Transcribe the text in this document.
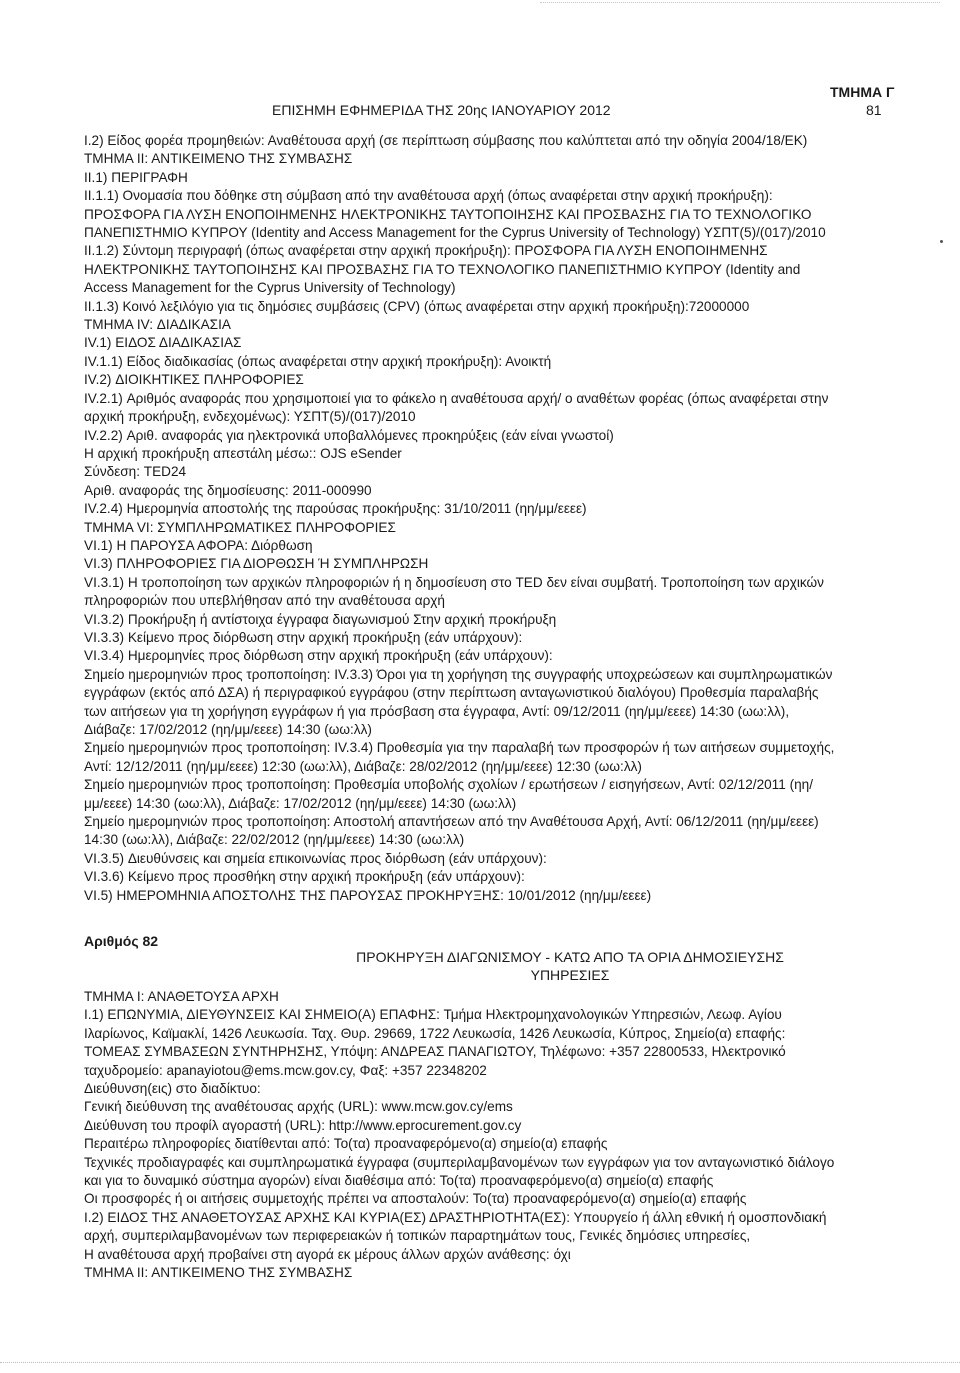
ΤΜΗΜΑ Γ
ΕΠΙΣΗΜΗ ΕΦΗΜΕΡΙΔΑ ΤΗΣ 20ης ΙΑΝΟΥΑΡΙΟΥ 2012	81
I.2) Είδος φορέα προμηθειών: Αναθέτουσα αρχή (σε περίπτωση σύμβασης που καλύπτεται από την οδηγία 2004/18/ΕΚ)
ΤΜΗΜΑ ΙΙ: ΑΝΤΙΚΕΙΜΕΝΟ ΤΗΣ ΣΥΜΒΑΣΗΣ
ΙΙ.1) ΠΕΡΙΓΡΑΦΗ
ΙΙ.1.1) Ονομασία που δόθηκε στη σύμβαση από την αναθέτουσα αρχή (όπως αναφέρεται στην αρχική προκήρυξη):
ΠΡΟΣΦΟΡΑ ΓΙΑ ΛΥΣΗ ΕΝΟΠΟΙΗΜΕΝΗΣ ΗΛΕΚΤΡΟΝΙΚΗΣ ΤΑΥΤΟΠΟΙΗΣΗΣ ΚΑΙ ΠΡΟΣΒΑΣΗΣ ΓΙΑ ΤΟ ΤΕΧΝΟΛΟΓΙΚΟ
ΠΑΝΕΠΙΣΤΗΜΙΟ ΚΥΠΡΟΥ (Identity and Access Management for the Cyprus University of Technology) ΥΣΠΤ(5)/(017)/2010
ΙΙ.1.2) Σύντομη περιγραφή (όπως αναφέρεται στην αρχική προκήρυξη): ΠΡΟΣΦΟΡΑ ΓΙΑ ΛΥΣΗ ΕΝΟΠΟΙΗΜΕΝΗΣ
ΗΛΕΚΤΡΟΝΙΚΗΣ ΤΑΥΤΟΠΟΙΗΣΗΣ ΚΑΙ ΠΡΟΣΒΑΣΗΣ ΓΙΑ ΤΟ ΤΕΧΝΟΛΟΓΙΚΟ ΠΑΝΕΠΙΣΤΗΜΙΟ ΚΥΠΡΟΥ (Identity and
Access Management for the Cyprus University of Technology)
ΙΙ.1.3) Κοινό λεξιλόγιο για τις δημόσιες συμβάσεις (CPV) (όπως αναφέρεται στην αρχική προκήρυξη):72000000
ΤΜΗΜΑ IV: ΔΙΑΔΙΚΑΣΙΑ
IV.1) ΕΙΔΟΣ ΔΙΑΔΙΚΑΣΙΑΣ
IV.1.1) Είδος διαδικασίας (όπως αναφέρεται στην αρχική προκήρυξη): Ανοικτή
IV.2) ΔΙΟΙΚΗΤΙΚΕΣ ΠΛΗΡΟΦΟΡΙΕΣ
IV.2.1) Αριθμός αναφοράς που χρησιμοποιεί για το φάκελο η αναθέτουσα αρχή/ ο αναθέτων φορέας (όπως αναφέρεται στην
αρχική προκήρυξη, ενδεχομένως): ΥΣΠΤ(5)/(017)/2010
IV.2.2) Αριθ. αναφοράς για ηλεκτρονικά υποβαλλόμενες προκηρύξεις (εάν είναι γνωστοί)
Η αρχική προκήρυξη απεστάλη μέσω:: OJS eSender
Σύνδεση: TED24
Αριθ. αναφοράς της δημοσίευσης: 2011-000990
IV.2.4) Ημερομηνία αποστολής της παρούσας προκήρυξης: 31/10/2011 (ηη/μμ/εεεε)
ΤΜΗΜΑ VI: ΣΥΜΠΛΗΡΩΜΑΤΙΚΕΣ ΠΛΗΡΟΦΟΡΙΕΣ
VI.1) Η ΠΑΡΟΥΣΑ ΑΦΟΡΑ: Διόρθωση
VI.3) ΠΛΗΡΟΦΟΡΙΕΣ ΓΙΑ ΔΙΟΡΘΩΣΗ Ή ΣΥΜΠΛΗΡΩΣΗ
VI.3.1) Η τροποποίηση των αρχικών πληροφοριών ή η δημοσίευση στο TED δεν είναι συμβατή. Τροποποίηση των αρχικών
πληροφοριών που υπεβλήθησαν από την αναθέτουσα αρχή
VI.3.2) Προκήρυξη ή αντίστοιχα έγγραφα διαγωνισμού Στην αρχική προκήρυξη
VI.3.3) Κείμενο προς διόρθωση στην αρχική προκήρυξη (εάν υπάρχουν):
VI.3.4) Ημερομηνίες προς διόρθωση στην αρχική προκήρυξη (εάν υπάρχουν):
Σημείο ημερομηνιών προς τροποποίηση: IV.3.3) Όροι για τη χορήγηση της συγγραφής υποχρεώσεων και συμπληρωματικών
εγγράφων (εκτός από ΔΣΑ) ή περιγραφικού εγγράφου (στην περίπτωση ανταγωνιστικού διαλόγου) Προθεσμία παραλαβής
των αιτήσεων για τη χορήγηση εγγράφων ή για πρόσβαση στα έγγραφα, Αντί: 09/12/2011 (ηη/μμ/εεεε) 14:30 (ωω:λλ),
Διάβαζε: 17/02/2012 (ηη/μμ/εεεε) 14:30 (ωω:λλ)
Σημείο ημερομηνιών προς τροποποίηση: IV.3.4) Προθεσμία για την παραλαβή των προσφορών ή των αιτήσεων συμμετοχής,
Αντί: 12/12/2011 (ηη/μμ/εεεε) 12:30 (ωω:λλ), Διάβαζε: 28/02/2012 (ηη/μμ/εεεε) 12:30 (ωω:λλ)
Σημείο ημερομηνιών προς τροποποίηση: Προθεσμία υποβολής σχολίων / ερωτήσεων / εισηγήσεων, Αντί: 02/12/2011 (ηη/
μμ/εεεε) 14:30 (ωω:λλ), Διάβαζε: 17/02/2012 (ηη/μμ/εεεε) 14:30 (ωω:λλ)
Σημείο ημερομηνιών προς τροποποίηση: Αποστολή απαντήσεων από την Αναθέτουσα Αρχή, Αντί: 06/12/2011 (ηη/μμ/εεεε)
14:30 (ωω:λλ), Διάβαζε: 22/02/2012 (ηη/μμ/εεεε) 14:30 (ωω:λλ)
VI.3.5) Διευθύνσεις και σημεία επικοινωνίας προς διόρθωση (εάν υπάρχουν):
VI.3.6) Κείμενο προς προσθήκη στην αρχική προκήρυξη (εάν υπάρχουν):
VI.5) ΗΜΕΡΟΜΗΝΙΑ ΑΠΟΣΤΟΛΗΣ ΤΗΣ ΠΑΡΟΥΣΑΣ ΠΡΟΚΗΡΥΞΗΣ: 10/01/2012 (ηη/μμ/εεεε)
Αριθμός 82
ΠΡΟΚΗΡΥΞΗ ΔΙΑΓΩΝΙΣΜΟΥ - ΚΑΤΩ ΑΠΟ ΤΑ ΟΡΙΑ ΔΗΜΟΣΙΕΥΣΗΣ
ΥΠΗΡΕΣΙΕΣ
ΤΜΗΜΑ Ι: ΑΝΑΘΕΤΟΥΣΑ ΑΡΧΗ
Ι.1) ΕΠΩΝΥΜΙΑ, ΔΙΕΥΘΥΝΣΕΙΣ ΚΑΙ ΣΗΜΕΙΟ(Α) ΕΠΑΦΗΣ: Τμήμα Ηλεκτρομηχανολογικών Υπηρεσιών, Λεωφ. Αγίου
Ιλαρίωνος, Καϊμακλί, 1426 Λευκωσία. Ταχ. Θυρ. 29669, 1722 Λευκωσία, 1426 Λευκωσία, Κύπρος, Σημείο(α) επαφής:
ΤΟΜΕΑΣ ΣΥΜΒΑΣΕΩΝ ΣΥΝΤΗΡΗΣΗΣ, Υπόψη: ΑΝΔΡΕΑΣ ΠΑΝΑΓΙΩΤΟΥ, Τηλέφωνο: +357 22800533, Ηλεκτρονικό
ταχυδρομείο: apanayiotou@ems.mcw.gov.cy, Φαξ: +357 22348202
Διεύθυνση(εις) στο διαδίκτυο:
Γενική διεύθυνση της αναθέτουσας αρχής (URL): www.mcw.gov.cy/ems
Διεύθυνση του προφίλ αγοραστή (URL): http://www.eprocurement.gov.cy
Περαιτέρω πληροφορίες διατίθενται από: Το(τα) προαναφερόμενο(α) σημείο(α) επαφής
Τεχνικές προδιαγραφές και συμπληρωματικά έγγραφα (συμπεριλαμβανομένων των εγγράφων για τον ανταγωνιστικό διάλογο
και για το δυναμικό σύστημα αγορών) είναι διαθέσιμα από: Το(τα) προαναφερόμενο(α) σημείο(α) επαφής
Οι προσφορές ή οι αιτήσεις συμμετοχής πρέπει να αποσταλούν: Το(τα) προαναφερόμενο(α) σημείο(α) επαφής
Ι.2) ΕΙΔΟΣ ΤΗΣ ΑΝΑΘΕΤΟΥΣΑΣ ΑΡΧΗΣ ΚΑΙ ΚΥΡΙΑ(ΕΣ) ΔΡΑΣΤΗΡΙΟΤΗΤΑ(ΕΣ): Υπουργείο ή άλλη εθνική ή ομοσπονδιακή
αρχή, συμπεριλαμβανομένων των περιφερειακών ή τοπικών παραρτημάτων τους, Γενικές δημόσιες υπηρεσίες,
Η αναθέτουσα αρχή προβαίνει στη αγορά εκ μέρους άλλων αρχών ανάθεσης: όχι
ΤΜΗΜΑ ΙΙ: ΑΝΤΙΚΕΙΜΕΝΟ ΤΗΣ ΣΥΜΒΑΣΗΣ
